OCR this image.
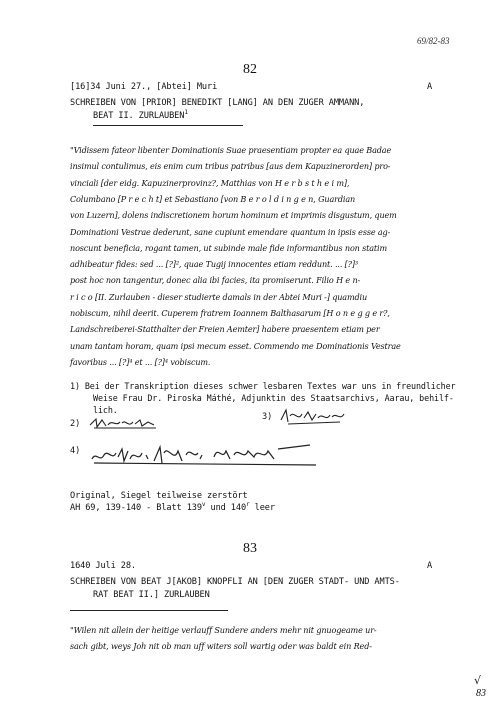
69/82-83
82
[16]34 Juni 27., [Abtei] Muri	A
SCHREIBEN VON [PRIOR] BENEDIKT [LANG] AN DEN ZUGER AMMANN,
BEAT II. ZURLAUBEN$^1$
"Vidissem fateor libenter Dominationis Suae praesentiam propter ea quae Badae
insimul contulimus, eis enim cum tribus patribus [aus dem Kapuzinerorden] pro-
vinciali [der eidg. Kapuzinerprovinz?, Matthias von H e r b s t h e i m],
Columbano [P r e c h t] et Sebastiano [von B e r o l d i n g e n, Guardian
von Luzern], dolens indiscretionem horum hominum et imprimis disgustum, quem
Dominationi Vestrae dederunt, sane cupiunt emendare quantum in ipsis esse ag-
noscunt beneficia, rogant tamen, ut subinde male fide informantibus non statim
adhibeatur fides: sed ... [?]², quae Tugij innocentes etiam reddunt. ... [?]³
post hoc non tangentur, donec alia ibi facies, ita promiserunt. Filio H e n-
r i c o [II. Zurlauben - dieser studierte damals in der Abtei Muri -] quamdiu
nobiscum, nihil deerit. Cuperem fratrem Ioannem Balthasarum [H o n e g g e r?,
Landschreiberei-Statthalter der Freien Aemter] habere praesentem etiam per
unam tantam horam, quam ipsi mecum esset. Commendo me Dominationis Vestrae
favoribus ... [?]⁴ et ... [?]⁴ vobiscum.
1) Bei der Transkription dieses schwer lesbaren Textes war uns in freundlicher
Weise Frau Dr. Piroska Máthé, Adjunktin des Staatsarchivs, Aarau, behilf-
lich.
2)
3)
4)
Original, Siegel teilweise zerstört
AH 69, 139-140 - Blatt 139$^v$ und 140$^r$ leer
83
1640 Juli 28.	A
SCHREIBEN VON BEAT J[AKOB] KNOPFLI AN [DEN ZUGER STADT- UND AMTS-
RAT BEAT II.] ZURLAUBEN
"Wilen nit allein der heitige verlauff Sundere anders mehr nit gnuogeame ur-
sach gibt, weys Joh nit ob man uff witers soll wartig oder was baldt ein Red-
√
83
